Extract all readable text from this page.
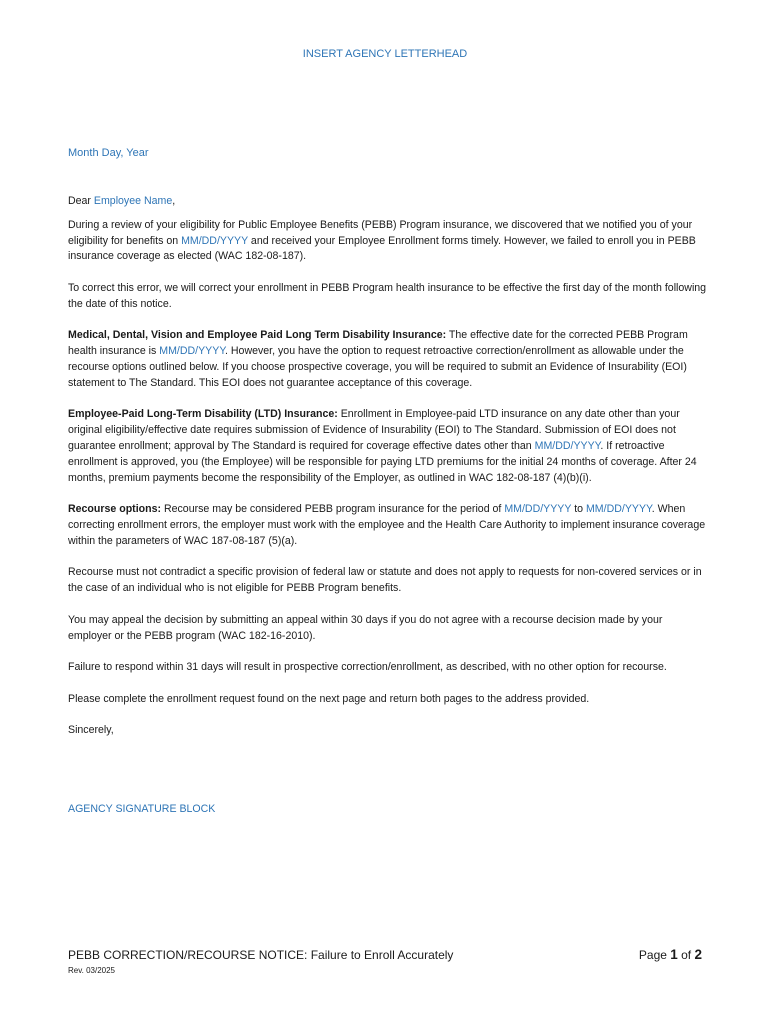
INSERT AGENCY LETTERHEAD
Month Day, Year

Dear Employee Name,

During a review of your eligibility for Public Employee Benefits (PEBB) Program insurance, we discovered that we notified you of your eligibility for benefits on MM/DD/YYYY and received your Employee Enrollment forms timely. However, we failed to enroll you in PEBB insurance coverage as elected (WAC 182-08-187).

To correct this error, we will correct your enrollment in PEBB Program health insurance to be effective the first day of the month following the date of this notice.

Medical, Dental, Vision and Employee Paid Long Term Disability Insurance: The effective date for the corrected PEBB Program health insurance is MM/DD/YYYY. However, you have the option to request retroactive correction/enrollment as allowable under the recourse options outlined below. If you choose prospective coverage, you will be required to submit an Evidence of Insurability (EOI) statement to The Standard. This EOI does not guarantee acceptance of this coverage.

Employee-Paid Long-Term Disability (LTD) Insurance: Enrollment in Employee-paid LTD insurance on any date other than your original eligibility/effective date requires submission of Evidence of Insurability (EOI) to The Standard. Submission of EOI does not guarantee enrollment; approval by The Standard is required for coverage effective dates other than MM/DD/YYYY. If retroactive enrollment is approved, you (the Employee) will be responsible for paying LTD premiums for the initial 24 months of coverage. After 24 months, premium payments become the responsibility of the Employer, as outlined in WAC 182-08-187 (4)(b)(i).

Recourse options: Recourse may be considered PEBB program insurance for the period of MM/DD/YYYY to MM/DD/YYYY. When correcting enrollment errors, the employer must work with the employee and the Health Care Authority to implement insurance coverage within the parameters of WAC 187-08-187 (5)(a).

Recourse must not contradict a specific provision of federal law or statute and does not apply to requests for non-covered services or in the case of an individual who is not eligible for PEBB Program benefits.

You may appeal the decision by submitting an appeal within 30 days if you do not agree with a recourse decision made by your employer or the PEBB program (WAC 182-16-2010).

Failure to respond within 31 days will result in prospective correction/enrollment, as described, with no other option for recourse.

Please complete the enrollment request found on the next page and return both pages to the address provided.

Sincerely,

AGENCY SIGNATURE BLOCK
PEBB CORRECTION/RECOURSE NOTICE: Failure to Enroll Accurately
Rev. 03/2025
Page 1 of 2
